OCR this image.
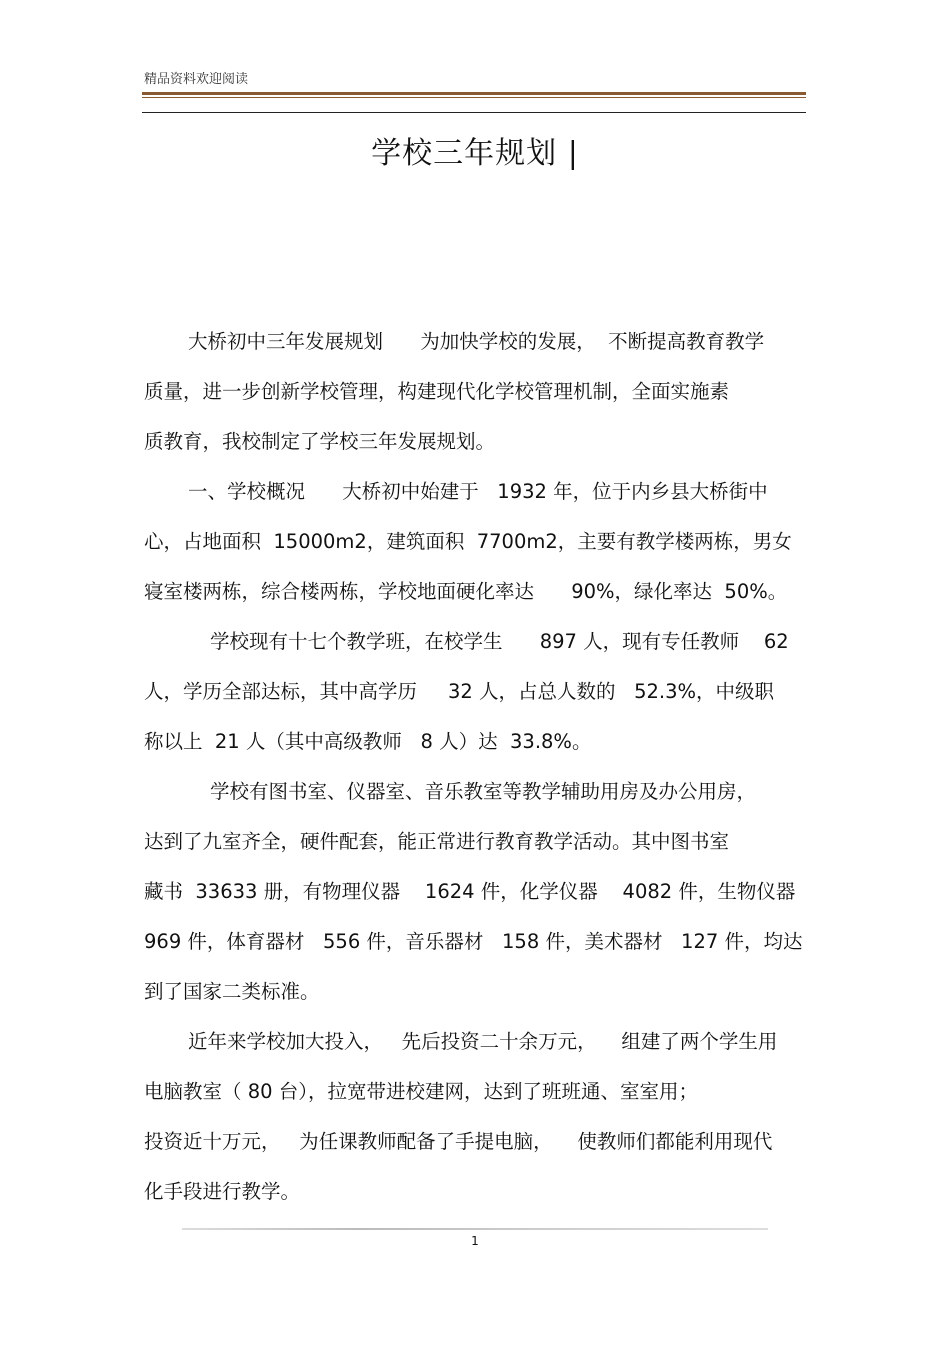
精品资料欢迎阅读
学校三年规划 |
大桥初中三年发展规划      为加快学校的发展，  不断提高教育教学
质量，进一步创新学校管理，构建现代化学校管理机制，全面实施素
质教育，我校制定了学校三年发展规划。
一、学校概况      大桥初中始建于   1932 年，位于内乡县大桥街中
心，占地面积  15000m2，建筑面积  7700m2，主要有教学楼两栋，男女
寝室楼两栋，综合楼两栋，学校地面硬化率达      90%，绿化率达  50%。
学校现有十七个教学班，在校学生      897 人，现有专任教师    62
人，学历全部达标，其中高学历     32 人，占总人数的   52.3%，中级职
称以上  21 人（其中高级教师   8 人）达  33.8%。
学校有图书室、仪器室、音乐教室等教学辅助用房及办公用房，
达到了九室齐全，硬件配套，能正常进行教育教学活动。其中图书室
藏书  33633 册，有物理仪器    1624 件，化学仪器    4082 件，生物仪器
969 件，体育器材   556 件，音乐器材   158 件，美术器材   127 件，均达
到了国家二类标准。
近年来学校加大投入，   先后投资二十余万元，    组建了两个学生用
电脑教室（ 80 台），拉宽带进校建网，达到了班班通、室室用；
投资近十万元，   为任课教师配备了手提电脑，    使教师们都能利用现代
化手段进行教学。
1
